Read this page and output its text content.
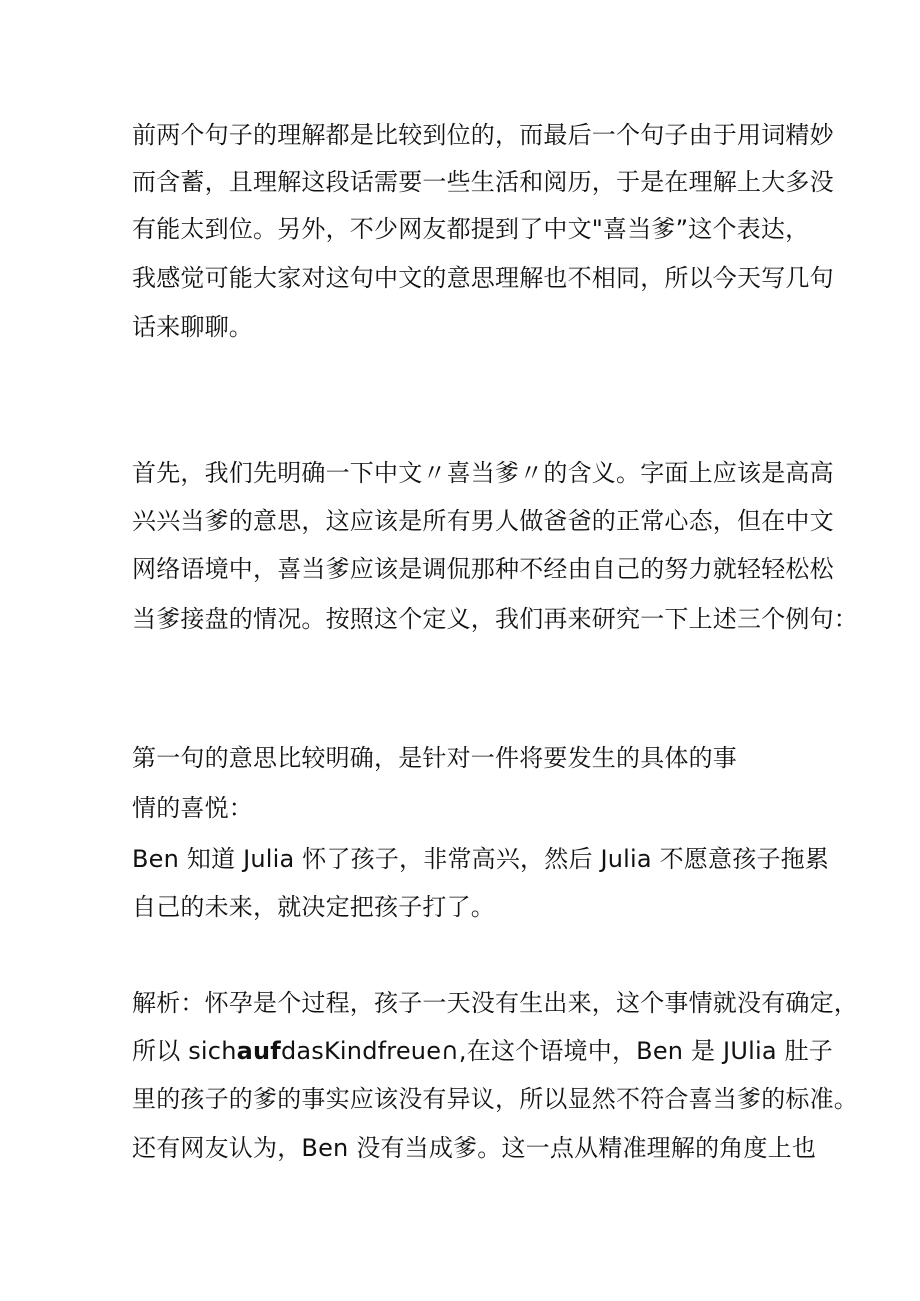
前两个句子的理解都是比较到位的，而最后一个句子由于用词精妙
而含蓄，且理解这段话需要一些生活和阅历，于是在理解上大多没
有能太到位。另外，不少网友都提到了中文"喜当爹”这个表达，
我感觉可能大家对这句中文的意思理解也不相同，所以今天写几句
话来聊聊。
首先，我们先明确一下中文〃喜当爹〃的含义。字面上应该是高高
兴兴当爹的意思，这应该是所有男人做爸爸的正常心态，但在中文
网络语境中，喜当爹应该是调侃那种不经由自己的努力就轻轻松松
当爹接盘的情况。按照这个定义，我们再来研究一下上述三个例句：
第一句的意思比较明确，是针对一件将要发生的具体的事
情的喜悦：
Ben 知道 Julia 怀了孩子，非常高兴，然后 Julia 不愿意孩子拖累
自己的未来，就决定把孩子打了。
解析：怀孕是个过程，孩子一天没有生出来，这个事情就没有确定，
所以 sichaufdasKindfreue∩,在这个语境中，Ben 是 JUlia 肚子
里的孩子的爹的事实应该没有异议，所以显然不符合喜当爹的标准。
还有网友认为，Ben 没有当成爹。这一点从精准理解的角度上也
